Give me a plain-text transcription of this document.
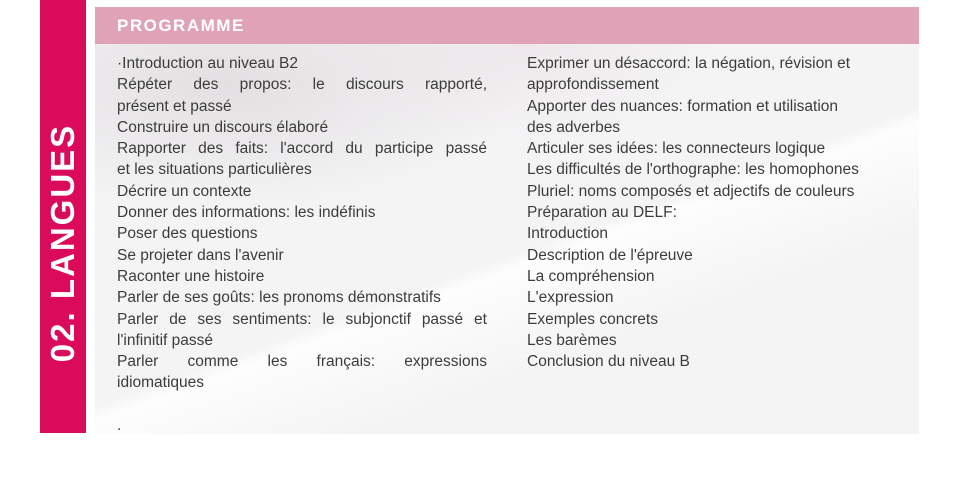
02. LANGUES
PROGRAMME
·Introduction au niveau B2
Répéter des propos: le discours rapporté,
présent et passé
Construire un discours élaboré
Rapporter des faits: l'accord du participe passé
et les situations particulières
Décrire un contexte
Donner des informations: les indéfinis
Poser des questions
Se projeter dans l'avenir
Raconter une histoire
Parler de ses goûts: les pronoms démonstratifs
Parler de ses sentiments: le subjonctif passé et
l'infinitif passé
Parler comme les français: expressions
idiomatiques

.
Exprimer un désaccord: la négation, révision et
approfondissement
Apporter des nuances: formation et utilisation
des adverbes
Articuler ses idées: les connecteurs logique
Les difficultés de l'orthographe: les homophones
Pluriel: noms composés et adjectifs de couleurs
Préparation au DELF:
Introduction
Description de l'épreuve
La compréhension
L'expression
Exemples concrets
Les barèmes
Conclusion du niveau B
